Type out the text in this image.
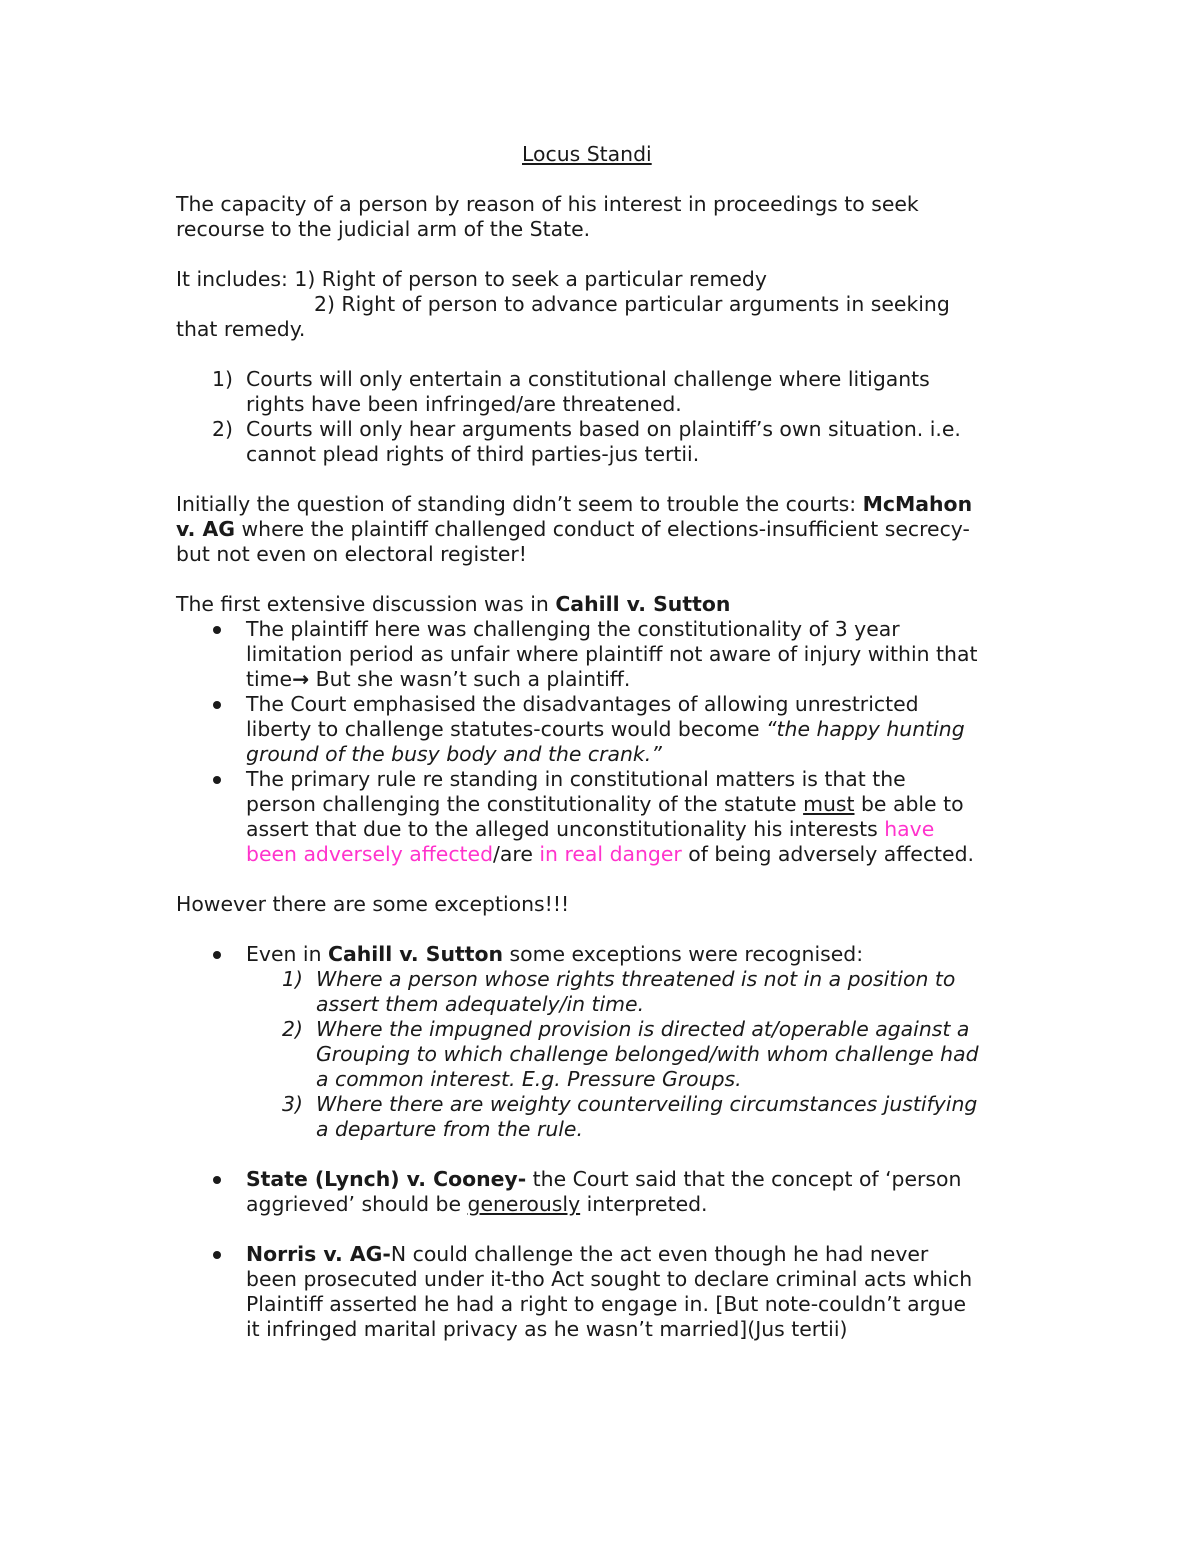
Locus Standi
The capacity of a person by reason of his interest in proceedings to seek
recourse to the judicial arm of the State.
It includes: 1) Right of person to seek a particular remedy
2) Right of person to advance particular arguments in seeking
that remedy.
1) Courts will only entertain a constitutional challenge where litigants
rights have been infringed/are threatened.
2) Courts will only hear arguments based on plaintiff’s own situation. i.e.
cannot plead rights of third parties-jus tertii.
Initially the question of standing didn’t seem to trouble the courts: McMahon
v. AG where the plaintiff challenged conduct of elections-insufficient secrecy-
but not even on electoral register!
The first extensive discussion was in Cahill v. Sutton
The plaintiff here was challenging the constitutionality of 3 year
limitation period as unfair where plaintiff not aware of injury within that
time→ But she wasn’t such a plaintiff.
The Court emphasised the disadvantages of allowing unrestricted
liberty to challenge statutes-courts would become “the happy hunting
ground of the busy body and the crank.”
The primary rule re standing in constitutional matters is that the
person challenging the constitutionality of the statute must be able to
assert that due to the alleged unconstitutionality his interests have
been adversely affected/are in real danger of being adversely affected.
However there are some exceptions!!!
Even in Cahill v. Sutton some exceptions were recognised:
1) Where a person whose rights threatened is not in a position to
assert them adequately/in time.
2) Where the impugned provision is directed at/operable against a
Grouping to which challenge belonged/with whom challenge had
a common interest. E.g. Pressure Groups.
3) Where there are weighty counterveiling circumstances justifying
a departure from the rule.
State (Lynch) v. Cooney- the Court said that the concept of ‘person
aggrieved’ should be generously interpreted.
Norris v. AG-N could challenge the act even though he had never
been prosecuted under it-tho Act sought to declare criminal acts which
Plaintiff asserted he had a right to engage in. [But note-couldn’t argue
it infringed marital privacy as he wasn’t married](Jus tertii)
